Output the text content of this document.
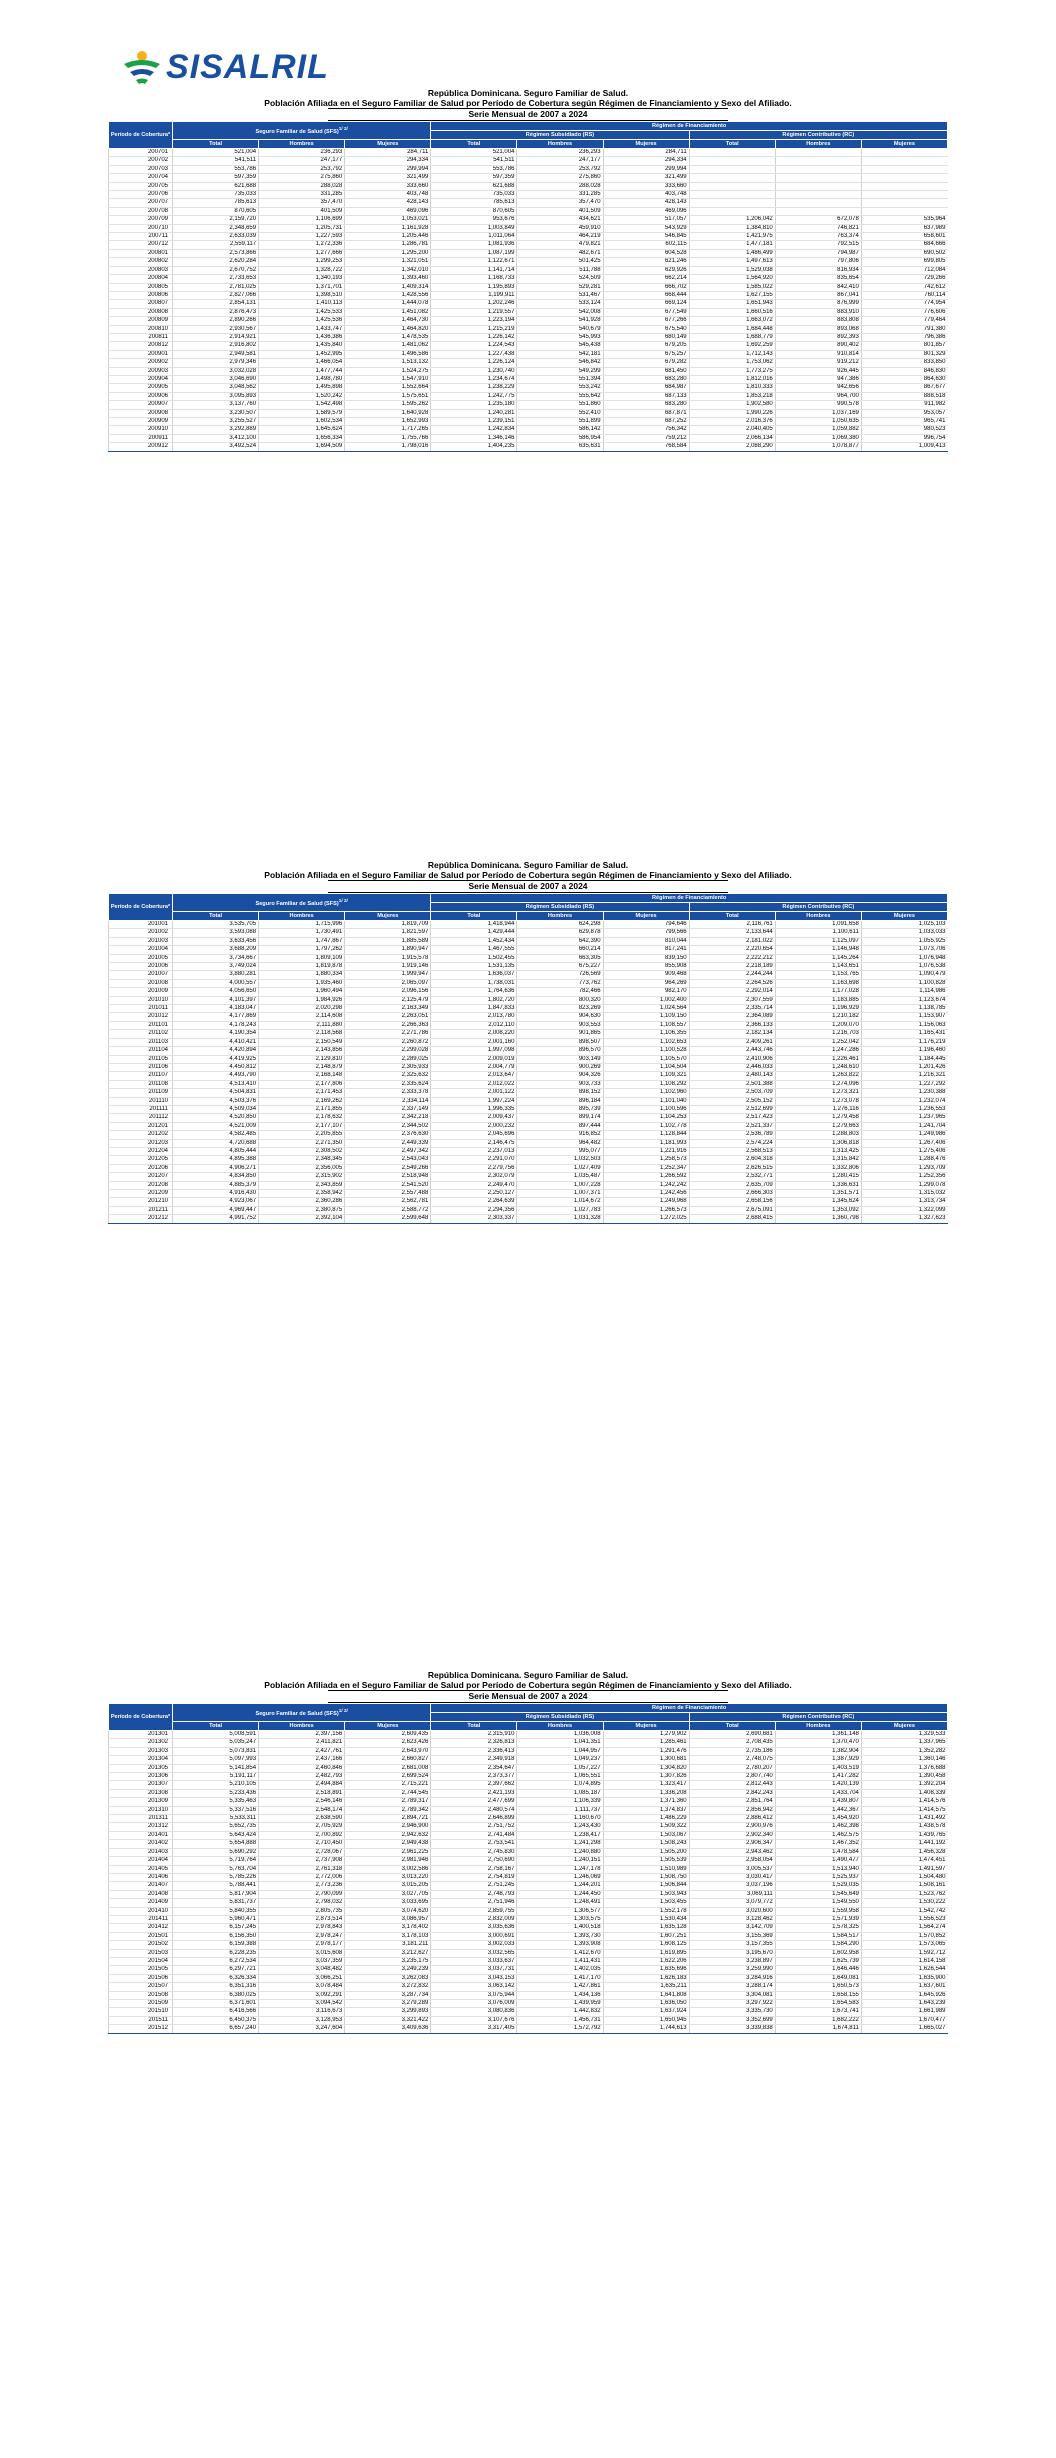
SISALRIL
República Dominicana. Seguro Familiar de Salud.
Población Afiliada en el Seguro Familiar de Salud por Período de Cobertura según Régimen de Financiamiento y Sexo del Afiliado.
Serie Mensual de 2007 a 2024
Período de Cobertura*	Seguro Familiar de Salud (SFS)$^{1/ 2/}$			Régimen de Financiamiento					
				Régimen Subsidiado (RS)			Régimen Contributivo (RC)		
	Total	Hombres	Mujeres	Total	Hombres	Mujeres	Total	Hombres	Mujeres
200701	521,004	236,293	284,711	521,004	236,293	284,711			
200702	541,511	247,177	294,334	541,511	247,177	294,334			
200703	553,786	253,792	299,994	553,786	253,792	299,994			
200704	597,359	275,860	321,499	597,359	275,860	321,499			
200705	621,688	288,028	333,660	621,688	288,028	333,660			
200706	735,033	331,285	403,748	735,033	331,285	403,748			
200707	785,613	357,470	428,143	785,613	357,470	428,143			
200708	870,605	401,509	469,096	870,605	401,509	469,096			
200709	2,159,720	1,106,699	1,053,021	953,676	434,621	517,057	1,206,042	672,078	535,964
200710	2,348,659	1,205,731	1,161,928	1,003,849	459,910	543,929	1,384,810	746,821	637,989
200711	2,633,039	1,227,593	1,205,446	1,011,064	464,219	546,845	1,421,975	763,374	658,601
200712	2,559,117	1,272,336	1,286,781	1,081,936	479,821	602,115	1,477,181	792,515	684,666
200801	2,573,866	1,277,666	1,295,200	1,087,199	482,671	604,528	1,486,499	794,987	690,502
200802	2,620,284	1,299,253	1,321,051	1,122,671	501,425	621,246	1,497,613	797,806	699,805
200803	2,670,752	1,328,722	1,342,010	1,141,714	511,788	629,926	1,529,038	816,934	712,084
200804	2,733,653	1,340,193	1,393,460	1,168,733	524,509	662,214	1,564,920	835,654	729,266
200805	2,781,025	1,371,701	1,409,314	1,195,893	529,281	666,702	1,585,022	842,410	742,612
200806	2,827,066	1,398,510	1,428,556	1,199,911	531,467	668,444	1,627,155	867,041	760,114
200807	2,854,131	1,410,113	1,444,078	1,202,246	533,124	669,124	1,651,943	876,999	774,954
200808	2,876,473	1,425,533	1,451,082	1,219,557	542,008	677,549	1,660,516	883,910	776,606
200809	2,890,266	1,425,536	1,464,730	1,223,194	541,928	677,266	1,663,072	883,808	779,464
200810	2,930,567	1,433,747	1,464,820	1,215,219	540,679	675,540	1,684,448	893,068	791,380
200811	2,914,921	1,436,386	1,478,535	1,226,142	545,993	680,149	1,688,779	892,393	796,386
200812	2,916,802	1,435,840	1,481,062	1,224,543	545,438	679,205	1,692,259	890,402	801,857
200901	2,949,581	1,452,995	1,496,586	1,227,438	542,181	675,257	1,712,143	910,814	801,329
200902	2,979,346	1,466,054	1,513,132	1,226,124	546,842	679,282	1,753,062	919,212	833,850
200903	3,032,028	1,477,744	1,524,275	1,230,740	549,299	681,450	1,773,275	926,445	846,830
200904	3,046,690	1,498,780	1,547,910	1,234,674	551,394	683,280	1,812,016	947,386	864,630
200905	3,048,562	1,495,898	1,552,664	1,238,229	553,242	684,987	1,810,333	942,656	867,677
200906	3,095,893	1,520,242	1,575,651	1,242,775	555,642	687,133	1,853,218	964,700	888,518
200907	3,137,760	1,542,498	1,595,262	1,235,180	551,860	683,280	1,902,580	990,578	911,982
200908	3,230,507	1,589,579	1,640,928	1,240,281	552,410	687,871	1,990,226	1,037,169	953,057
200909	3,255,527	1,602,534	1,652,993	1,239,151	551,899	687,252	2,016,376	1,050,635	965,741
200910	3,292,889	1,645,624	1,717,265	1,242,834	586,142	756,342	2,040,405	1,059,882	980,523
200911	3,412,100	1,656,334	1,755,766	1,346,146	586,954	759,212	2,066,134	1,069,380	996,754
200912	3,492,524	1,694,509	1,798,016	1,404,235	635,631	768,584	2,088,290	1,078,877	1,009,413
República Dominicana. Seguro Familiar de Salud.
Población Afiliada en el Seguro Familiar de Salud por Período de Cobertura según Régimen de Financiamiento y Sexo del Afiliado.
Serie Mensual de 2007 a 2024
Período de Cobertura*	Seguro Familiar de Salud (SFS)$^{1/ 2/}$			Régimen de Financiamiento					
				Régimen Subsidiado (RS)			Régimen Contributivo (RC)		
	Total	Hombres	Mujeres	Total	Hombres	Mujeres	Total	Hombres	Mujeres
201001	3,535,705	1,715,996	1,819,709	1,418,944	624,298	794,646	2,116,761	1,091,658	1,025,103
201002	3,593,088	1,730,491	1,821,597	1,429,444	629,878	799,566	2,133,644	1,100,611	1,033,033
201003	3,633,456	1,747,867	1,885,589	1,452,434	642,390	810,044	2,181,022	1,125,097	1,055,925
201004	3,688,209	1,797,262	1,890,947	1,467,555	660,214	817,241	2,220,654	1,146,948	1,073,706
201005	3,734,667	1,809,109	1,915,578	1,502,455	663,305	839,150	2,222,212	1,145,264	1,076,948
201006	3,749,024	1,819,878	1,919,146	1,531,135	675,227	855,908	2,218,189	1,143,651	1,076,538
201007	3,880,281	1,880,334	1,999,947	1,636,037	726,569	909,468	2,244,244	1,153,765	1,090,479
201008	4,000,557	1,935,460	2,065,097	1,738,031	773,762	964,269	2,264,526	1,163,698	1,100,828
201009	4,056,650	1,960,494	2,096,156	1,764,636	782,466	982,170	2,292,014	1,177,028	1,114,986
201010	4,101,397	1,984,926	2,125,479	1,802,720	800,320	1,002,400	2,307,559	1,183,885	1,123,674
201011	4,183,047	2,020,298	2,163,349	1,847,833	823,269	1,024,564	2,335,714	1,196,929	1,138,785
201012	4,177,869	2,114,608	2,263,051	2,013,780	904,630	1,109,150	2,364,089	1,210,182	1,153,907
201101	4,178,243	2,111,880	2,266,363	2,012,110	903,553	1,108,557	2,366,133	1,209,070	1,156,063
201102	4,190,354	2,118,568	2,271,786	2,008,220	901,865	1,106,355	2,182,134	1,216,703	1,165,431
201103	4,410,421	2,150,549	2,260,872	2,001,160	898,507	1,102,653	2,409,261	1,252,042	1,176,219
201104	4,420,894	2,143,856	2,299,028	1,997,098	896,570	1,100,528	2,443,746	1,247,286	1,196,460
201105	4,419,925	2,129,810	2,289,025	2,009,019	903,149	1,105,570	2,410,906	1,226,461	1,184,445
201106	4,450,812	2,148,879	2,305,933	2,004,779	900,269	1,104,504	2,446,033	1,248,610	1,201,426
201107	4,493,790	2,168,148	2,325,632	2,013,647	904,326	1,109,321	2,480,143	1,263,822	1,216,321
201108	4,513,410	2,177,806	2,335,624	2,012,022	903,733	1,108,292	2,501,388	1,274,096	1,227,292
201109	4,504,831	2,171,453	2,333,378	2,001,122	898,152	1,102,960	2,503,709	1,273,321	1,230,388
201110	4,503,376	2,169,262	2,334,114	1,997,224	896,184	1,101,040	2,505,152	1,273,078	1,232,074
201111	4,509,034	2,171,855	2,337,149	1,996,335	895,739	1,100,596	2,512,699	1,276,116	1,236,553
201112	4,520,850	2,178,632	2,342,218	2,009,437	899,174	1,104,253	2,517,423	1,279,458	1,237,965
201201	4,521,009	2,177,107	2,344,502	2,000,232	897,444	1,102,778	2,521,337	1,279,663	1,241,704
201202	4,582,485	2,205,855	2,376,630	2,045,696	916,852	1,128,844	2,536,789	1,288,803	1,249,986
201203	4,720,688	2,271,350	2,449,339	2,146,475	964,482	1,181,993	2,574,224	1,306,818	1,267,406
201204	4,805,444	2,308,502	2,497,342	2,237,013	995,077	1,221,916	2,568,513	1,313,425	1,275,406
201205	4,895,388	2,348,345	2,543,043	2,291,070	1,032,503	1,258,573	2,604,318	1,315,842	1,288,476
201206	4,906,271	2,356,005	2,549,266	2,279,756	1,027,409	1,252,347	2,626,515	1,332,806	1,293,709
201207	4,834,850	2,315,902	2,518,948	2,302,079	1,035,487	1,266,592	2,532,771	1,280,415	1,252,356
201208	4,885,379	2,343,859	2,541,520	2,249,470	1,007,228	1,242,242	2,635,709	1,336,631	1,299,078
201209	4,916,430	2,358,942	2,557,488	2,250,127	1,007,371	1,242,456	2,666,303	1,351,571	1,315,032
201210	4,923,067	2,360,286	2,562,781	2,264,639	1,014,672	1,249,968	2,658,156	1,345,624	1,313,734
201211	4,969,447	2,380,875	2,588,772	2,294,356	1,027,783	1,266,573	2,675,091	1,353,092	1,322,099
201212	4,991,752	2,392,104	2,599,648	2,303,337	1,031,328	1,272,025	2,688,415	1,360,798	1,327,623
República Dominicana. Seguro Familiar de Salud.
Población Afiliada en el Seguro Familiar de Salud por Período de Cobertura según Régimen de Financiamiento y Sexo del Afiliado.
Serie Mensual de 2007 a 2024
Período de Cobertura*	Seguro Familiar de Salud (SFS)$^{1/ 2/}$			Régimen de Financiamiento					
				Régimen Subsidiado (RS)			Régimen Contributivo (RC)		
	Total	Hombres	Mujeres	Total	Hombres	Mujeres	Total	Hombres	Mujeres
201301	5,008,591	2,397,156	2,609,435	2,315,910	1,036,008	1,279,902	2,690,681	1,361,148	1,329,533
201302	5,035,247	2,411,821	2,623,426	2,326,813	1,041,351	1,285,461	2,708,435	1,370,470	1,337,965
201303	5,073,831	2,427,761	2,643,970	2,336,413	1,044,957	1,291,476	2,735,186	1,382,904	1,352,282
201304	5,097,993	2,437,166	2,660,827	2,349,918	1,049,237	1,300,681	2,748,075	1,387,929	1,360,146
201305	5,141,854	2,460,846	2,681,008	2,354,647	1,057,227	1,304,820	2,780,207	1,403,519	1,376,688
201306	5,191,117	2,482,793	2,699,524	2,373,377	1,065,551	1,307,826	2,807,740	1,417,282	1,390,458
201307	5,210,105	2,494,884	2,715,221	2,397,662	1,074,895	1,323,417	2,812,443	1,420,139	1,392,204
201308	5,233,436	2,518,891	2,744,545	2,421,193	1,085,187	1,336,208	2,842,243	1,433,704	1,408,339
201309	5,335,463	2,546,146	2,789,317	2,477,699	1,106,339	1,371,360	2,851,764	1,439,807	1,414,576
201310	5,337,516	2,548,174	2,789,342	2,480,574	1,111,737	1,374,837	2,856,942	1,442,367	1,414,575
201311	5,533,311	2,638,590	2,894,721	2,646,899	1,160,670	1,486,229	2,886,412	1,454,920	1,431,492
201312	5,652,735	2,705,929	2,946,900	2,751,752	1,243,430	1,509,322	2,900,976	1,462,398	1,438,578
201401	5,643,424	2,700,892	2,942,632	2,741,484	1,238,417	1,503,067	2,902,340	1,462,575	1,439,765
201402	5,654,888	2,710,450	2,949,438	2,753,541	1,241,298	1,508,243	2,906,347	1,467,352	1,441,192
201403	5,690,292	2,728,067	2,961,225	2,745,830	1,240,880	1,505,200	2,943,462	1,478,584	1,456,328
201404	5,719,764	2,737,908	2,981,946	2,750,690	1,240,151	1,505,539	2,958,054	1,490,477	1,474,451
201405	5,763,704	2,761,318	3,002,586	2,758,167	1,247,178	1,510,989	3,005,537	1,513,940	1,491,597
201406	5,785,226	2,772,006	3,013,220	2,754,819	1,246,069	1,508,750	3,030,417	1,525,937	1,504,480
201407	5,788,441	2,773,236	3,015,205	2,751,245	1,244,201	1,506,844	3,037,196	1,529,035	1,508,161
201408	5,817,904	2,790,099	3,027,705	2,748,793	1,244,450	1,503,943	3,069,111	1,545,649	1,523,762
201409	5,831,737	2,798,032	3,033,695	2,751,946	1,248,491	1,503,455	3,079,772	1,549,550	1,530,222
201410	5,840,355	2,805,735	3,074,620	2,859,755	1,306,577	1,552,178	3,020,600	1,559,958	1,542,742
201411	5,960,471	2,873,514	3,086,957	2,832,009	1,303,575	1,530,434	3,128,462	1,571,939	1,556,523
201412	6,157,245	2,978,843	3,178,402	3,035,636	1,400,518	1,635,128	3,142,709	1,578,325	1,564,274
201501	6,156,350	2,978,247	3,178,103	3,000,691	1,393,730	1,607,251	3,155,369	1,584,517	1,570,852
201502	6,159,388	2,978,177	3,181,211	3,002,033	1,393,908	1,608,125	3,157,355	1,584,290	1,573,065
201503	6,228,235	3,015,608	3,212,627	3,032,565	1,412,670	1,619,895	3,195,670	1,602,958	1,592,712
201504	6,272,534	3,037,359	3,235,175	3,033,637	1,411,431	1,622,206	3,238,897	1,625,739	1,614,158
201505	6,297,721	3,048,482	3,249,239	3,037,731	1,402,035	1,635,696	3,259,990	1,646,446	1,626,544
201506	6,326,334	3,066,251	3,262,083	3,043,153	1,417,170	1,626,183	3,284,916	1,649,081	1,635,900
201507	6,351,316	3,078,484	3,272,832	3,063,142	1,427,861	1,635,211	3,288,174	1,650,573	1,637,601
201508	6,380,025	3,092,291	3,287,734	3,075,944	1,434,136	1,641,808	3,304,081	1,658,155	1,645,926
201509	6,371,601	3,094,542	3,279,289	3,076,009	1,439,959	1,636,050	3,297,922	1,654,583	1,643,239
201510	6,416,566	3,116,673	3,299,893	3,080,836	1,442,832	1,637,924	3,335,730	1,673,741	1,661,989
201511	6,450,375	3,128,953	3,321,422	3,107,676	1,456,731	1,650,945	3,352,699	1,682,222	1,670,477
201512	6,657,240	3,247,604	3,409,636	3,317,405	1,572,792	1,744,613	3,339,838	1,674,811	1,665,027
